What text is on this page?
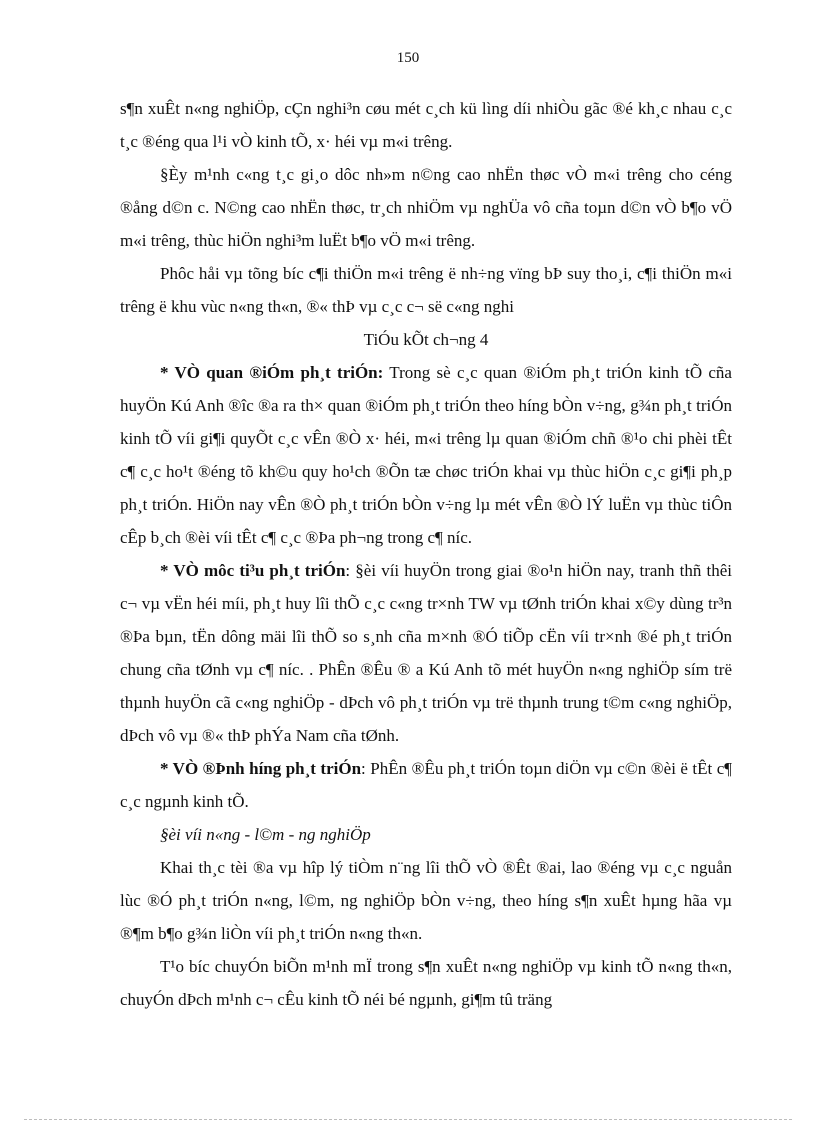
150

s¶n xuÊt n«ng nghiÖp, cÇn nghi³n cøu mét c¸ch kü lìng díi nhiÒu gãc ®é kh¸c nhau c¸c t¸c ®éng qua l¹i vÒ kinh tÕ, x· héi vµ m«i trêng.

§Èy m¹nh c«ng t¸c gi¸o dôc nh»m n©ng cao nhËn thøc vÒ m«i trêng cho céng ®ång d©n c. N©ng cao nhËn thøc, tr¸ch nhiÖm vµ nghÜa vô cña toµn d©n vÒ b¶o vÖ m«i trêng, thùc hiÖn nghi³m luËt b¶o vÖ m«i trêng.

Phôc håi vµ tõng bíc c¶i thiÖn m«i trêng ë nh÷ng vïng bÞ suy tho¸i, c¶i thiÖn m«i trêng ë khu vùc n«ng th«n, ®« thÞ vµ c¸c c¬ së c«ng nghi

TiÓu kÕt ch¬ng 4

* VÒ quan ®iÓm ph¸t triÓn: Trong sè c¸c quan ®iÓm ph¸t triÓn kinh tÕ cña huyÖn Kú Anh ®îc ®a ra th× quan ®iÓm ph¸t triÓn theo híng bÒn v÷ng, g¾n ph¸t triÓn kinh tÕ víi gi¶i quyÕt c¸c vÊn ®Ò x· héi, m«i trêng lµ quan ®iÓm chñ ®¹o chi phèi tÊt c¶ c¸c ho¹t ®éng tõ kh©u quy ho¹ch ®Õn tæ chøc triÓn khai vµ thùc hiÖn c¸c gi¶i ph¸p ph¸t triÓn. HiÖn nay vÊn ®Ò ph¸t triÓn bÒn v÷ng lµ mét vÊn ®Ò lÝ luËn vµ thùc tiÔn cÊp b¸ch ®èi víi tÊt c¶ c¸c ®Þa ph¬ng trong c¶ níc.

* VÒ môc ti³u ph¸t triÓn: §èi víi huyÖn trong giai ®o¹n hiÖn nay, tranh thñ thêi c¬ vµ vËn héi míi, ph¸t huy lîi thÕ c¸c c«ng tr×nh TW vµ tØnh triÓn khai x©y dùng tr³n ®Þa bµn, tËn dông mäi lîi thÕ so s¸nh cña m×nh ®Ó tiÕp cËn víi tr×nh ®é ph¸t triÓn chung cña tØnh vµ c¶ níc. . PhÊn ®Êu ® a Kú Anh tõ mét huyÖn n«ng nghiÖp sím trë thµnh huyÖn cã c«ng nghiÖp - dÞch vô ph¸t triÓn vµ trë thµnh trung t©m c«ng nghiÖp, dÞch vô vµ ®« thÞ phÝa Nam cña tØnh.

* VÒ ®Þnh híng ph¸t triÓn: PhÊn ®Êu ph¸t triÓn toµn diÖn vµ c©n ®èi ë tÊt c¶ c¸c ngµnh kinh tÕ.

§èi víi n«ng - l©m - ng nghiÖp

Khai th¸c tèi ®a vµ hîp lý tiÒm n¨ng lîi thÕ vÒ ®Êt ®ai, lao ®éng vµ c¸c nguån lùc ®Ó ph¸t triÓn n«ng, l©m, ng nghiÖp bÒn v÷ng, theo híng s¶n xuÊt hµng hãa vµ ®¶m b¶o g¾n liÒn víi ph¸t triÓn n«ng th«n.

T¹o bíc chuyÓn biÕn m¹nh mÏ trong s¶n xuÊt n«ng nghiÖp vµ kinh tÕ n«ng th«n, chuyÓn dÞch m¹nh c¬ cÊu kinh tÕ néi bé ngµnh, gi¶m tû träng
